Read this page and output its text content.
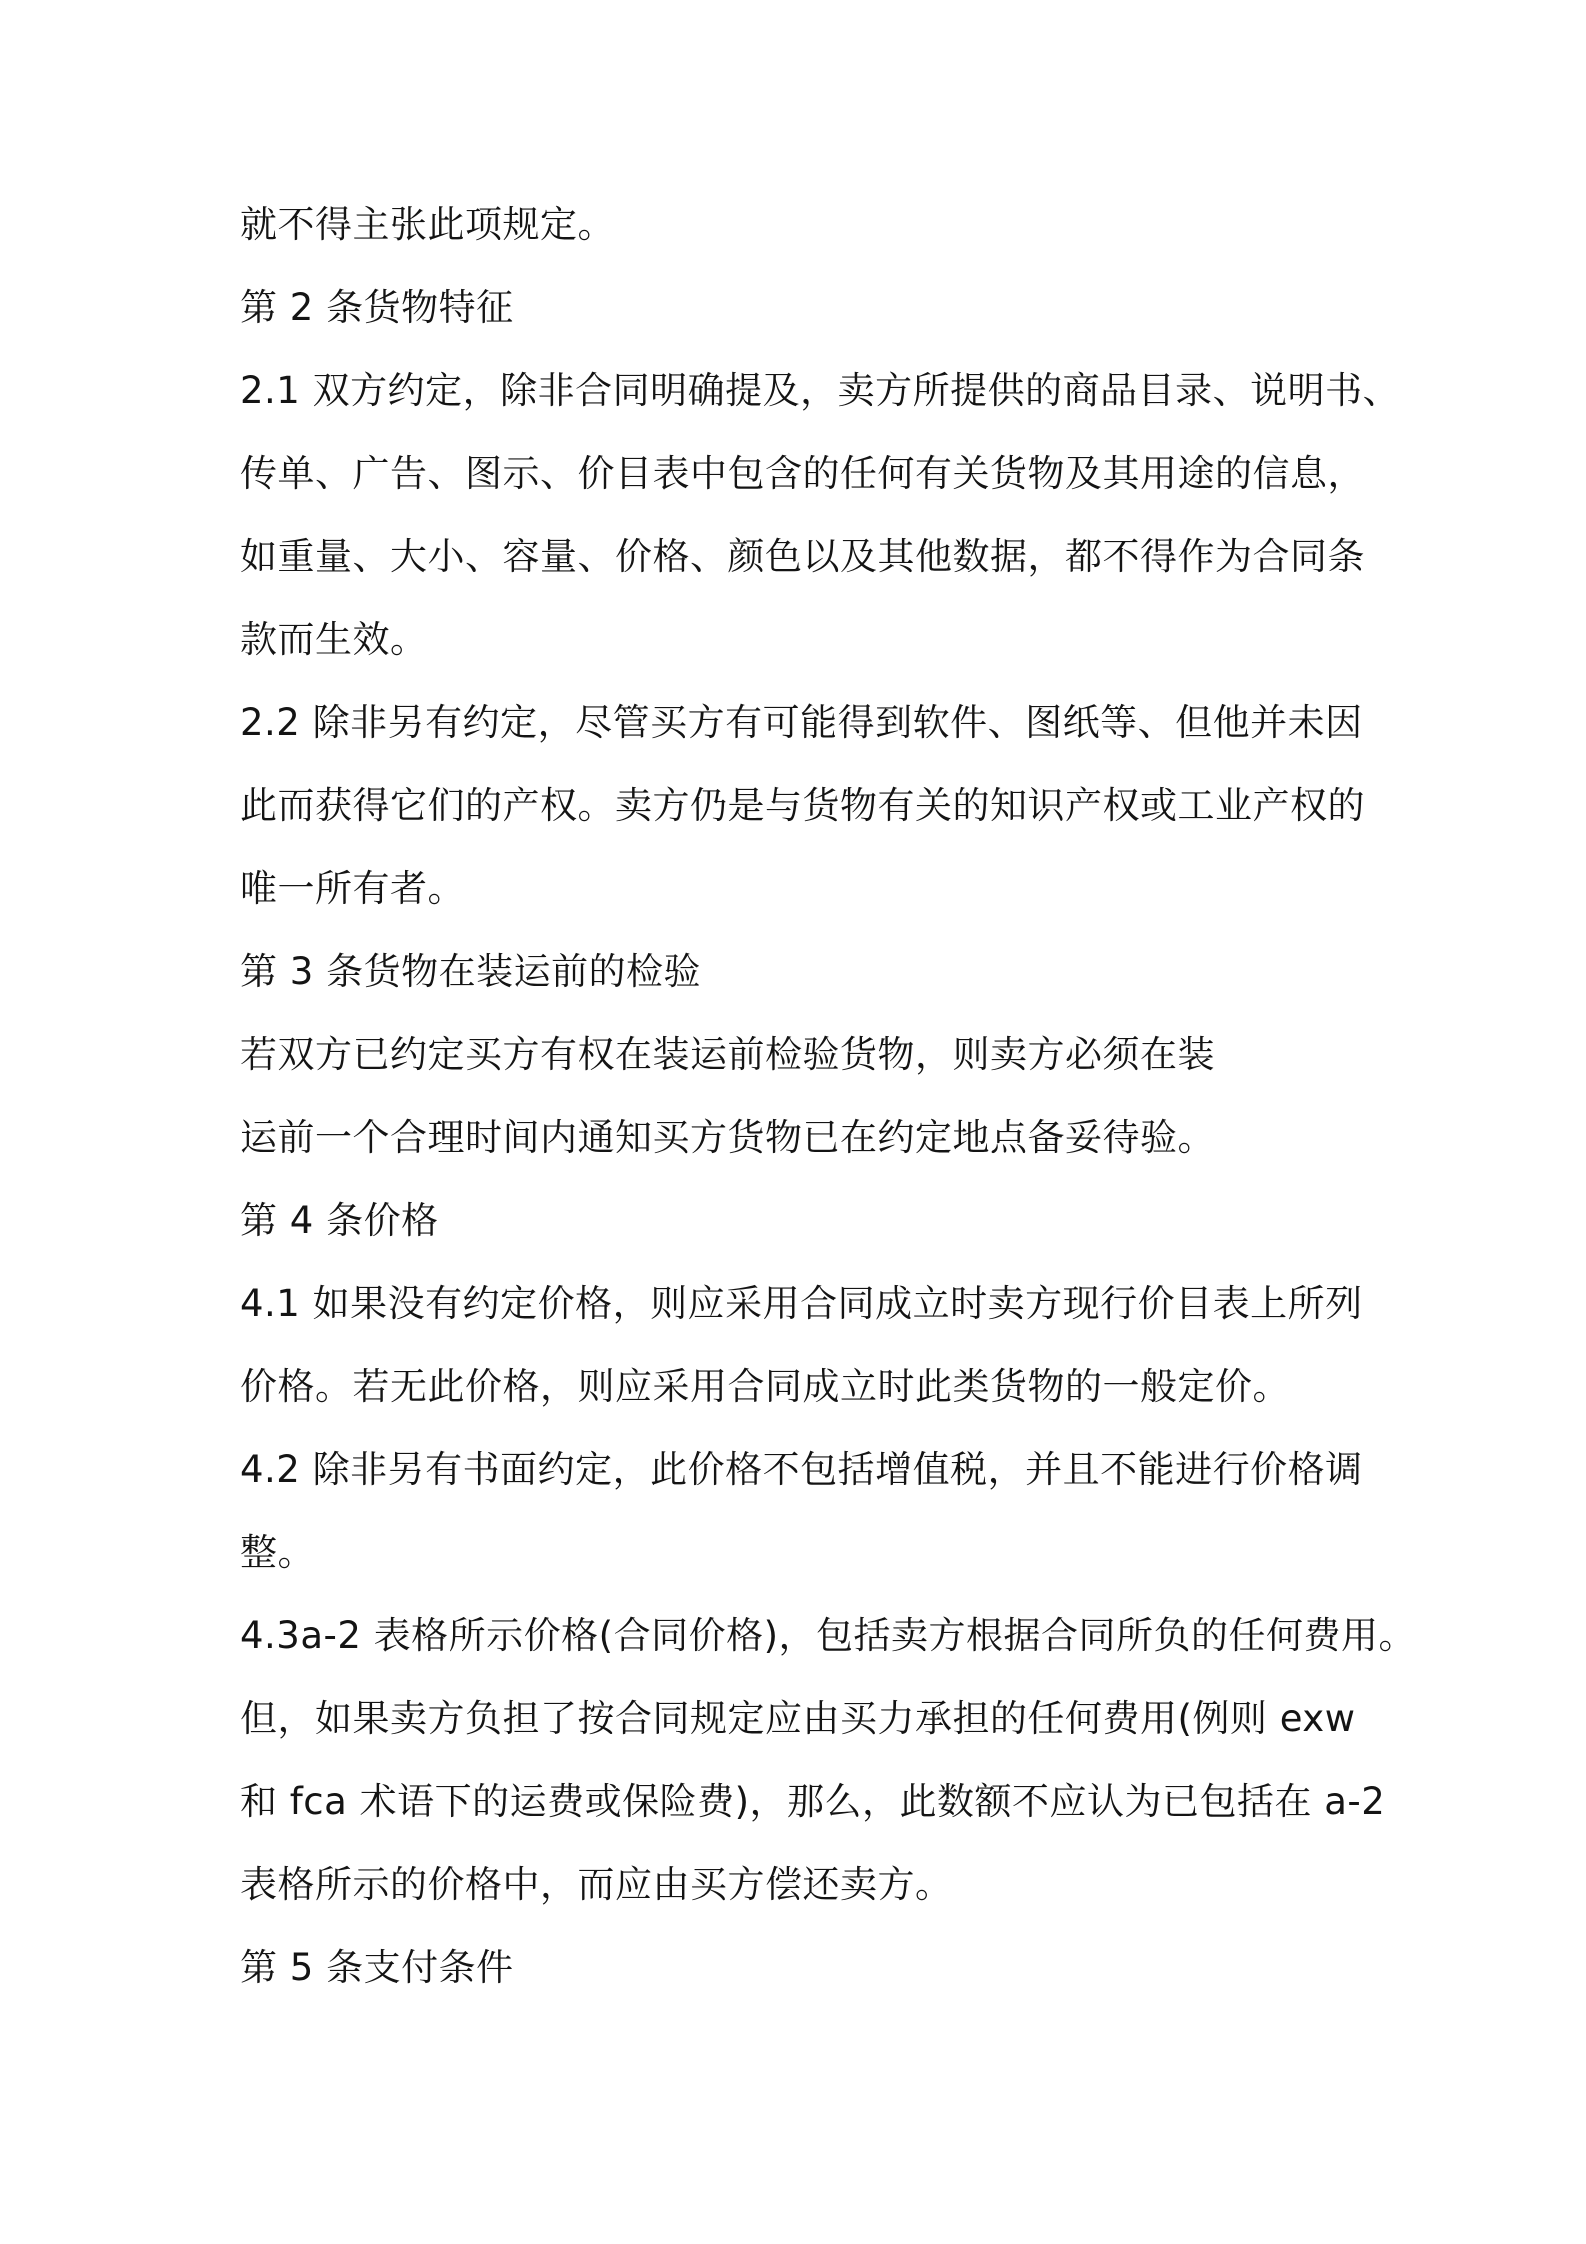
就不得主张此项规定。
第 2 条货物特征
2.1 双方约定，除非合同明确提及，卖方所提供的商品目录、说明书、
传单、广告、图示、价目表中包含的任何有关货物及其用途的信息，
如重量、大小、容量、价格、颜色以及其他数据，都不得作为合同条
款而生效。
2.2 除非另有约定，尽管买方有可能得到软件、图纸等、但他并未因
此而获得它们的产权。卖方仍是与货物有关的知识产权或工业产权的
唯一所有者。
第 3 条货物在装运前的检验
若双方已约定买方有权在装运前检验货物，则卖方必须在装
运前一个合理时间内通知买方货物已在约定地点备妥待验。
第 4 条价格
4.1 如果没有约定价格，则应采用合同成立时卖方现行价目表上所列
价格。若无此价格，则应采用合同成立时此类货物的一般定价。
4.2 除非另有书面约定，此价格不包括增值税，并且不能进行价格调
整。
4.3a-2 表格所示价格(合同价格)，包括卖方根据合同所负的任何费用。
但，如果卖方负担了按合同规定应由买力承担的任何费用(例则 exw
和 fca 术语下的运费或保险费)，那么，此数额不应认为已包括在 a-2
表格所示的价格中，而应由买方偿还卖方。
第 5 条支付条件
